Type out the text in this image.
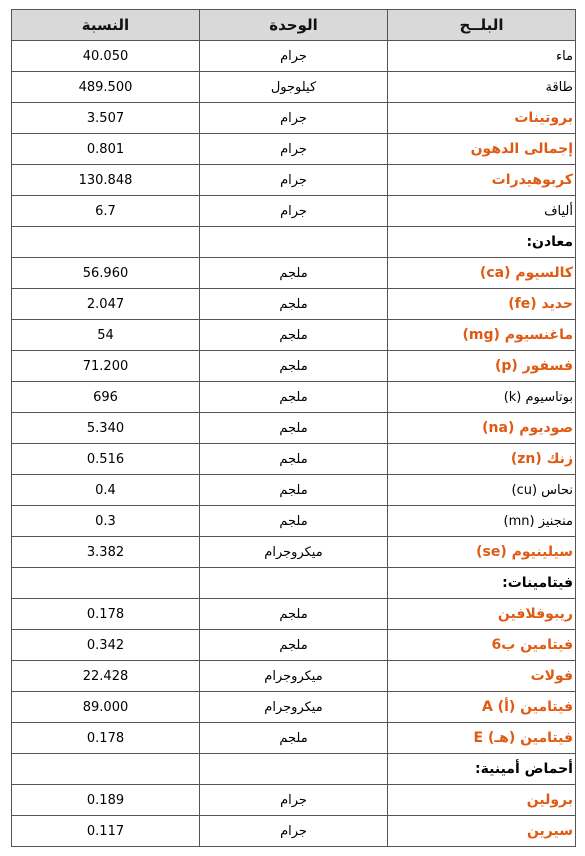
البلــح	الوحدة	النسبة
ماء	جرام	40.050
طاقة	كيلوجول	489.500
بروتينات	جرام	3.507
إجمالى الدهون	جرام	0.801
كربوهيدرات	جرام	130.848
ألياف	جرام	6.7
معادن:		
كالسيوم (ca)	ملجم	56.960
حديد (fe)	ملجم	2.047
ماغنسيوم (mg)	ملجم	54
فسفور (p)	ملجم	71.200
بوتاسيوم (k)	ملجم	696
صوديوم (na)	ملجم	5.340
زنك (zn)	ملجم	0.516
نحاس (cu)	ملجم	0.4
منجنيز (mn)	ملجم	0.3
سيلينيوم (se)	ميكروجرام	3.382
فيتامينات:		
ريبوفلافين	ملجم	0.178
فيتامين ب6	ملجم	0.342
فولات	ميكروجرام	22.428
فيتامين (أ) A	ميكروجرام	89.000
فيتامين (هـ) E	ملجم	0.178
أحماض أمينية:		
برولين	جرام	0.189
سيرين	جرام	0.117
